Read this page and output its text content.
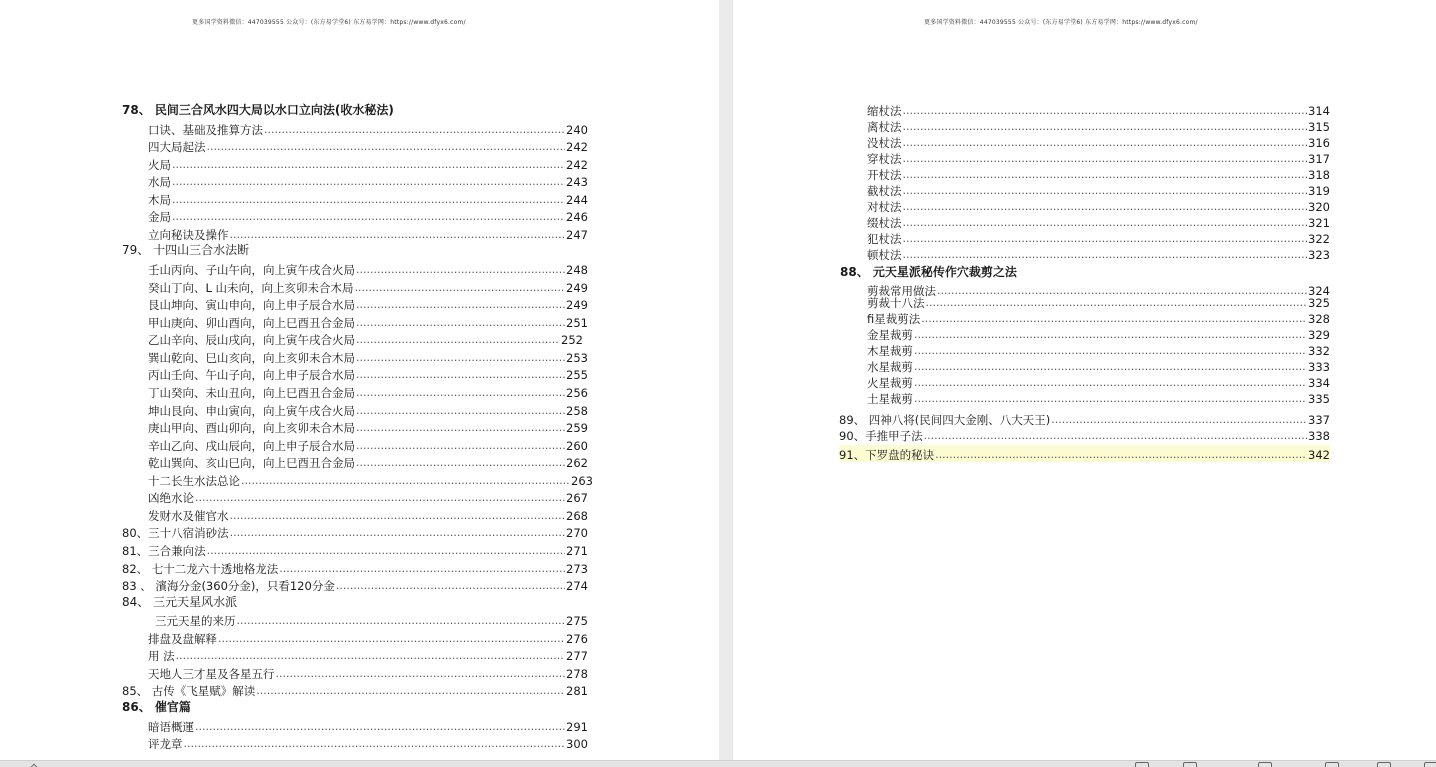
更多国学资料微信：447039555 公众号：(东方易学堂6) 东方易学网：https://www.dfyx6.com/
78、 民间三合风水四大局以水口立向法(收水秘法)
口诀、基础及推算方法 .....	240
四大局起法 .....	242
火局 .....	242
水局 .....	243
木局 .....	244
金局 .....	246
立向秘诀及操作 .....	247
79、 十四山三合水法断
壬山丙向、子山午向，向上寅午戌合火局 .....	248
癸山丁向、L 山未向，向上亥卯未合木局 .....	249
艮山坤向、寅山申向，向上申子辰合水局 .....	249
甲山庚向、卯山酉向，向上巳酉丑合金局 .....	251
乙山辛向、辰山戌向，向上寅午戌合火局 .....	252
巽山乾向、巳山亥向，向上亥卯未合木局 .....	253
丙山壬向、午山子向，向上申子辰合水局 .....	255
丁山癸向、未山丑向，向上巳酉丑合金局 .....	256
坤山艮向、申山寅向，向上寅午戌合火局 .....	258
庚山甲向、酉山卯向，向上亥卯未合木局 .....	259
辛山乙向、戌山辰向，向上申子辰合水局 .....	260
乾山巽向、亥山巳向，向上巳酉丑合金局 .....	262
十二长生水法总论 .....	263
凶绝水论 .....	267
发财水及催官水 .....	268
80、三十八宿消砂法 .....	270
81、三合兼向法 .....	271
82、 七十二龙六十透地格龙法 .....	273
83 、 濱海分金(360分金)，只看120分金 .....	274
84、 三元天星风水派
三元天星的来历 .....	275
排盘及盘解释 .....	276
用 法 .....	277
天地人三才星及各星五行 .....	278
85、 古传《飞星赋》解读 .....	281
86、 催官篇
暗语概運 .....	291
评龙章 .....	300
更多国学资料微信：447039555 公众号：(东方易学堂6) 东方易学网：https://www.dfyx6.com/
缩杖法 .....	314
离杖法 .....	315
没杖法 .....	316
穿杖法 .....	317
开杖法 .....	318
截杖法 .....	319
对杖法 .....	320
缀杖法 .....	321
犯杖法 .....	322
顿杖法 .....	323
88、 元天星派秘传作穴裁剪之法
剪裁常用做法 .....	324
剪裁十八法 .....	325
fi星裁剪法 .....	328
金星裁剪 .....	329
木星裁剪 .....	332
水星裁剪 .....	333
火星裁剪 .....	334
土星裁剪 .....	335
89、 四神八将(民间四大金刚、八大天王) .....	337
90、手推甲子法 .....	338
91、下罗盘的秘诀 .....	342
